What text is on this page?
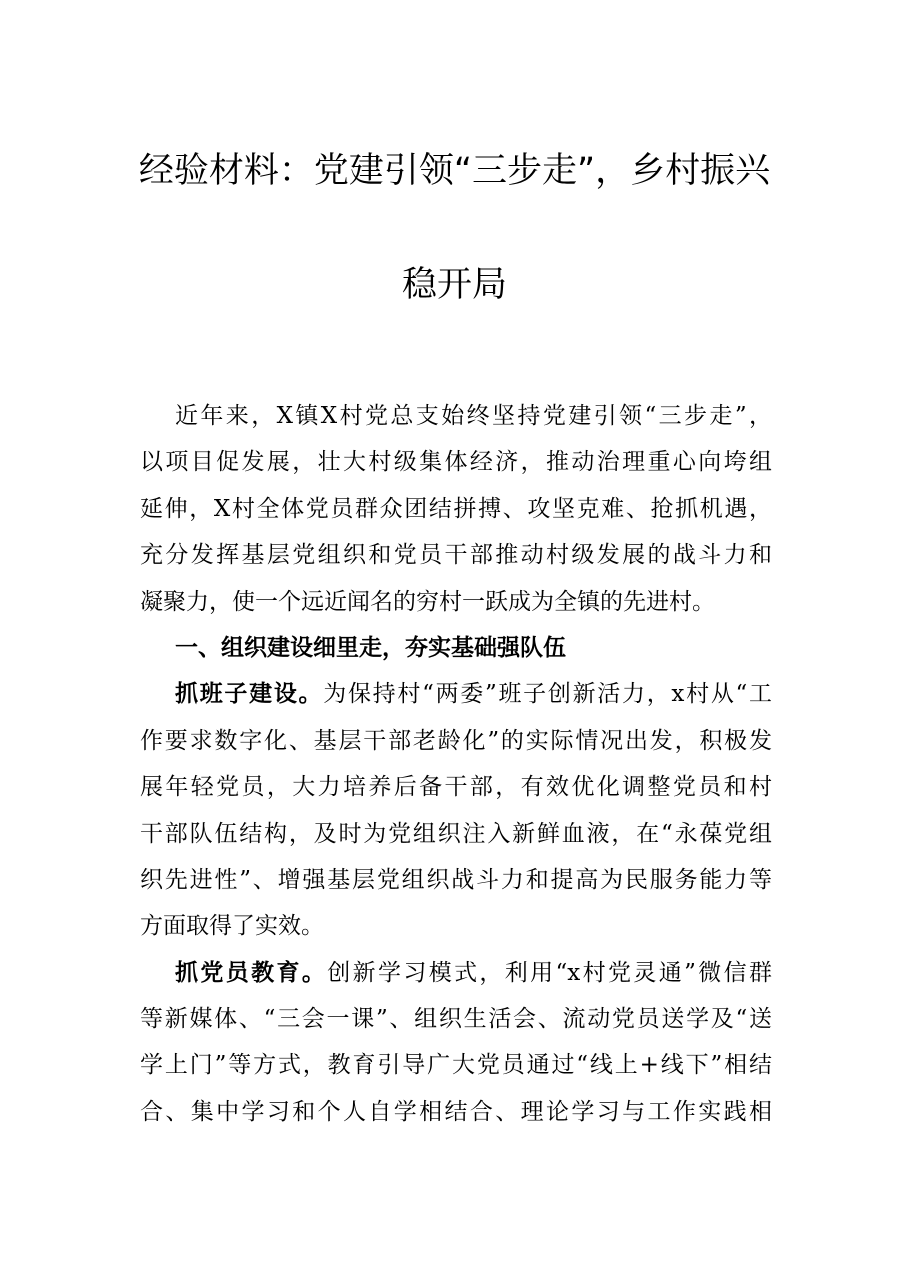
经验材料：党建引领“三步走”，乡村振兴
稳开局
近年来，X镇X村党总支始终坚持党建引领“三步走”，
以项目促发展，壮大村级集体经济，推动治理重心向垮组
延伸，X村全体党员群众团结拼搏、攻坚克难、抢抓机遇，
充分发挥基层党组织和党员干部推动村级发展的战斗力和
凝聚力，使一个远近闻名的穷村一跃成为全镇的先进村。
一、组织建设细里走，夯实基础强队伍
抓班子建设。为保持村“两委”班子创新活力，x村从“工
作要求数字化、基层干部老龄化”的实际情况出发，积极发
展年轻党员，大力培养后备干部，有效优化调整党员和村
干部队伍结构，及时为党组织注入新鲜血液，在“永葆党组
织先进性”、增强基层党组织战斗力和提高为民服务能力等
方面取得了实效。
抓党员教育。创新学习模式，利用“x村党灵通”微信群
等新媒体、“三会一课”、组织生活会、流动党员送学及“送
学上门”等方式，教育引导广大党员通过“线上+线下”相结
合、集中学习和个人自学相结合、理论学习与工作实践相
